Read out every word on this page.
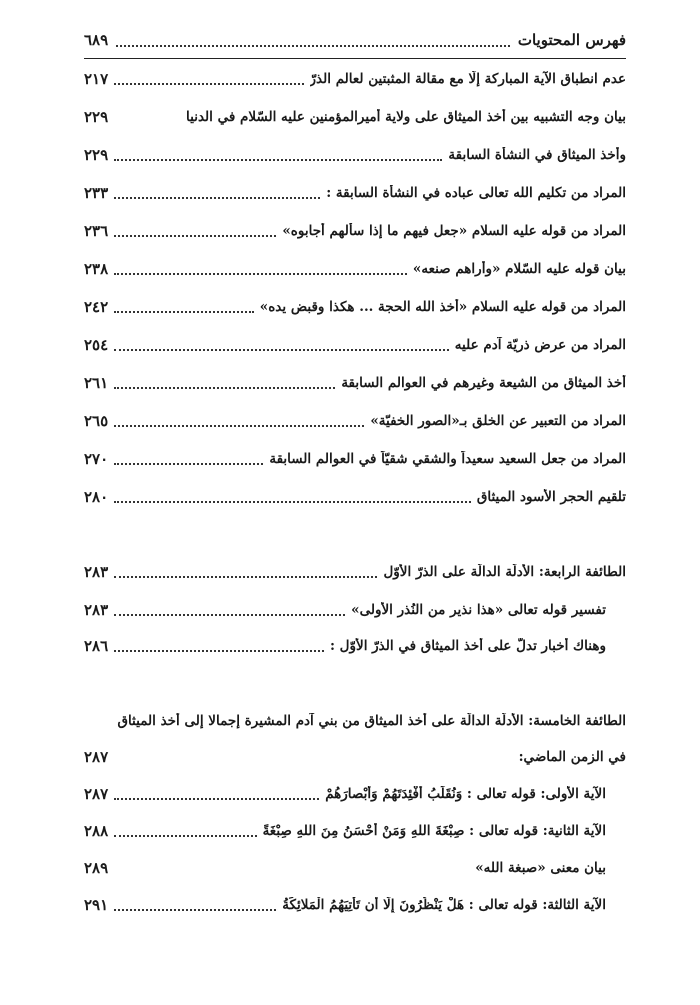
فهرس المحتويات
٦٨٩
عدم انطباق الآية المباركة إلّا مع مقالة المثبتين لعالم الذرّ
٢١٧
بيان وجه التشبيه بين أخذ الميثاق على ولاية أميرالمؤمنين عليه السّلام في الدنيا
٢٢٩
وأخذ الميثاق في النشأة السابقة
٢٢٩
المراد من تكليم الله تعالى عباده في النشأة السابقة :
٢٣٣
المراد من قوله عليه السلام «جعل فيهم ما إذا سألهم أجابوه»
٢٣٦
بيان قوله عليه السّلام «وأراهم صنعه»
٢٣٨
المراد من قوله عليه السلام «أخذ الله الحجة ... هكذا وقبض يده»
٢٤٢
المراد من عرض ذريّة آدم عليه
٢٥٤
أخذ الميثاق من الشيعة وغيرهم في العوالم السابقة
٢٦١
المراد من التعبير عن الخلق بـ«الصور الخفيّة»
٢٦٥
المراد من جعل السعيد سعيداً والشقي شقيّاً في العوالم السابقة
٢٧٠
تلقيم الحجر الأسود الميثاق
٢٨٠
الطائفة الرابعة: الأدلّة الدالّة على الذرّ الأوّل
٢٨٣
تفسير قوله تعالى «هذا نذير من النُذر الأولى»
٢٨٣
وهناك أخبار تدلّ على أخذ الميثاق في الذرّ الأوّل :
٢٨٦
الطائفة الخامسة: الأدلّة الدالّة على أخذ الميثاق من بني آدم المشيرة إجمالا إلى أخذ الميثاق
في الزمن الماضي:
٢٨٧
الآية الأولى: قوله تعالى : وَنُقَلِّبُ أَفْئِدَتَهُمْ وَأَبْصارَهُمْ
٢٨٧
الآية الثانية: قوله تعالى : صِبْغَةَ اللهِ وَمَنْ أَحْسَنُ مِنَ اللهِ صِبْغَةً
٢٨٨
بيان معنى «صبغة الله»
٢٨٩
الآية الثالثة: قوله تعالى : هَلْ يَنْظُرُونَ إِلَّا أَن تَأْتِيَهُمُ الْمَلائِكَةُ
٢٩١
